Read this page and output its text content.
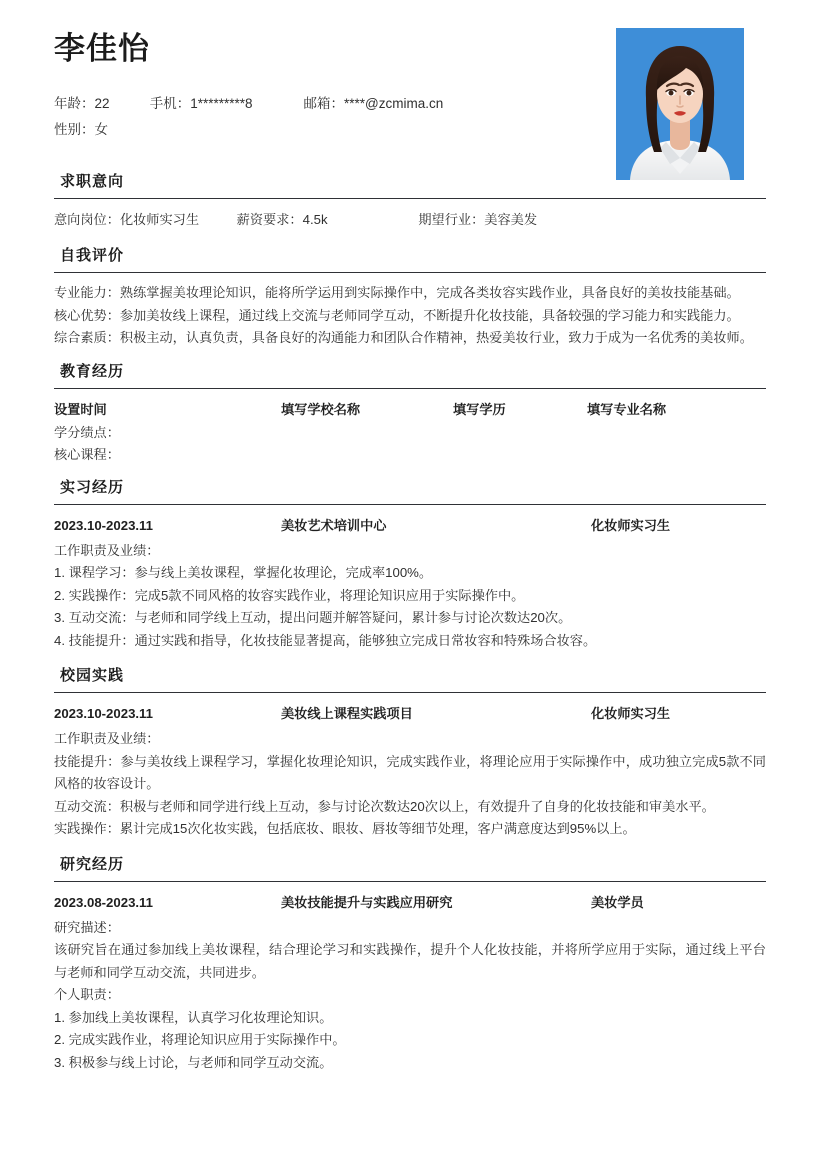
李佳怡
年龄：22	手机：1*********8	邮箱：****@zcmima.cn
性别：女
求职意向
意向岗位：化妆师实习生	薪资要求：4.5k	期望行业：美容美发
自我评价

专业能力：熟练掌握美妆理论知识，能将所学运用到实际操作中，完成各类妆容实践作业，具备良好的美妆技能基础。

核心优势：参加美妆线上课程，通过线上交流与老师同学互动，不断提升化妆技能，具备较强的学习能力和实践能力。

综合素质：积极主动，认真负责，具备良好的沟通能力和团队合作精神，热爱美妆行业，致力于成为一名优秀的美妆师。

教育经历
设置时间	填写学校名称	填写学历	填写专业名称
学分绩点：
核心课程：
实习经历
2023.10-2023.11	美妆艺术培训中心	化妆师实习生

工作职责及业绩：

1. 课程学习：参与线上美妆课程，掌握化妆理论，完成率100%。

2. 实践操作：完成5款不同风格的妆容实践作业，将理论知识应用于实际操作中。

3. 互动交流：与老师和同学线上互动，提出问题并解答疑问，累计参与讨论次数达20次。

4. 技能提升：通过实践和指导，化妆技能显著提高，能够独立完成日常妆容和特殊场合妆容。

校园实践
2023.10-2023.11	美妆线上课程实践项目	化妆师实习生

工作职责及业绩：

技能提升：参与美妆线上课程学习，掌握化妆理论知识，完成实践作业，将理论应用于实际操作中，成功独立完成5款不同风格的妆容设计。

互动交流：积极与老师和同学进行线上互动，参与讨论次数达20次以上，有效提升了自身的化妆技能和审美水平。

实践操作：累计完成15次化妆实践，包括底妆、眼妆、唇妆等细节处理，客户满意度达到95%以上。

研究经历
2023.08-2023.11	美妆技能提升与实践应用研究	美妆学员

研究描述：

该研究旨在通过参加线上美妆课程，结合理论学习和实践操作，提升个人化妆技能，并将所学应用于实际，通过线上平台与老师和同学互动交流，共同进步。

个人职责：

1. 参加线上美妆课程，认真学习化妆理论知识。

2. 完成实践作业，将理论知识应用于实际操作中。

3. 积极参与线上讨论，与老师和同学互动交流。
